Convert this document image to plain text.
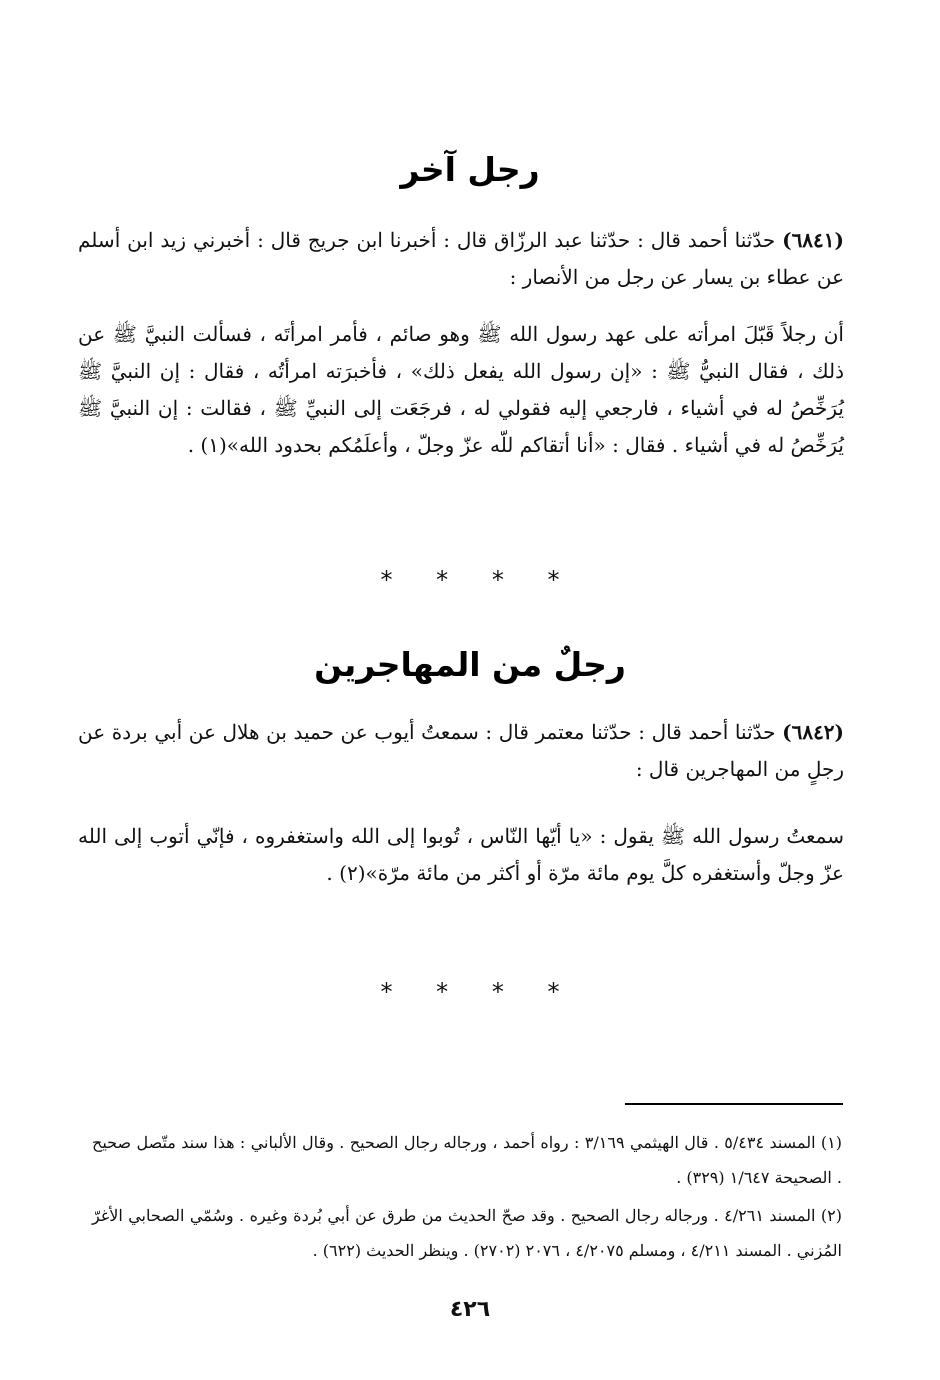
رجل آخر
(٦٨٤١) حدّثنا أحمد قال : حدّثنا عبد الرزّاق قال : أخبرنا ابن جريج قال : أخبرني زيد ابن أسلم عن عطاء بن يسار عن رجل من الأنصار :
أن رجلاً قَبّلَ امرأته على عهد رسول الله ﷺ وهو صائم ، فأمر امرأتَه ، فسألت النبيَّ ﷺ عن ذلك ، فقال النبيُّ ﷺ : «إن رسول الله يفعل ذلك» ، فأخبرَته امرأتُه ، فقال : إن النبيَّ ﷺ يُرَخِّصُ له في أشياء ، فارجعي إليه فقولي له ، فرجَعَت إلى النبيِّ ﷺ ، فقالت : إن النبيَّ ﷺ يُرَخِّصُ له في أشياء . فقال : «أنا أتقاكم للّه عزّ وجلّ ، وأعلَمُكم بحدود الله»(١) .
* * * *
رجلٌ من المهاجرين
(٦٨٤٢) حدّثنا أحمد قال : حدّثنا معتمر قال : سمعتُ أيوب عن حميد بن هلال عن أبي بردة عن رجلٍ من المهاجرين قال :
سمعتُ رسول الله ﷺ يقول : «يا أيّها النّاس ، تُوبوا إلى الله واستغفروه ، فإنّي أتوب إلى الله عزّ وجلّ وأستغفره كلَّ يوم مائة مرّة أو أكثر من مائة مرّة»(٢) .
* * * *
(١) المسند ٥/٤٣٤ . قال الهيثمي ٣/١٦٩ : رواه أحمد ، ورجاله رجال الصحيح . وقال الألباني : هذا سند متّصل صحيح . الصحيحة ١/٦٤٧ (٣٢٩) .
(٢) المسند ٤/٢٦١ . ورجاله رجال الصحيح . وقد صحّ الحديث من طرق عن أبي بُردة وغيره . وسُمّي الصحابي الأغرّ المُزني . المسند ٤/٢١١ ، ومسلم ٤/٢٠٧٥ ، ٢٠٧٦ (٢٧٠٢) . وينظر الحديث (٦٢٢) .
٤٢٦
